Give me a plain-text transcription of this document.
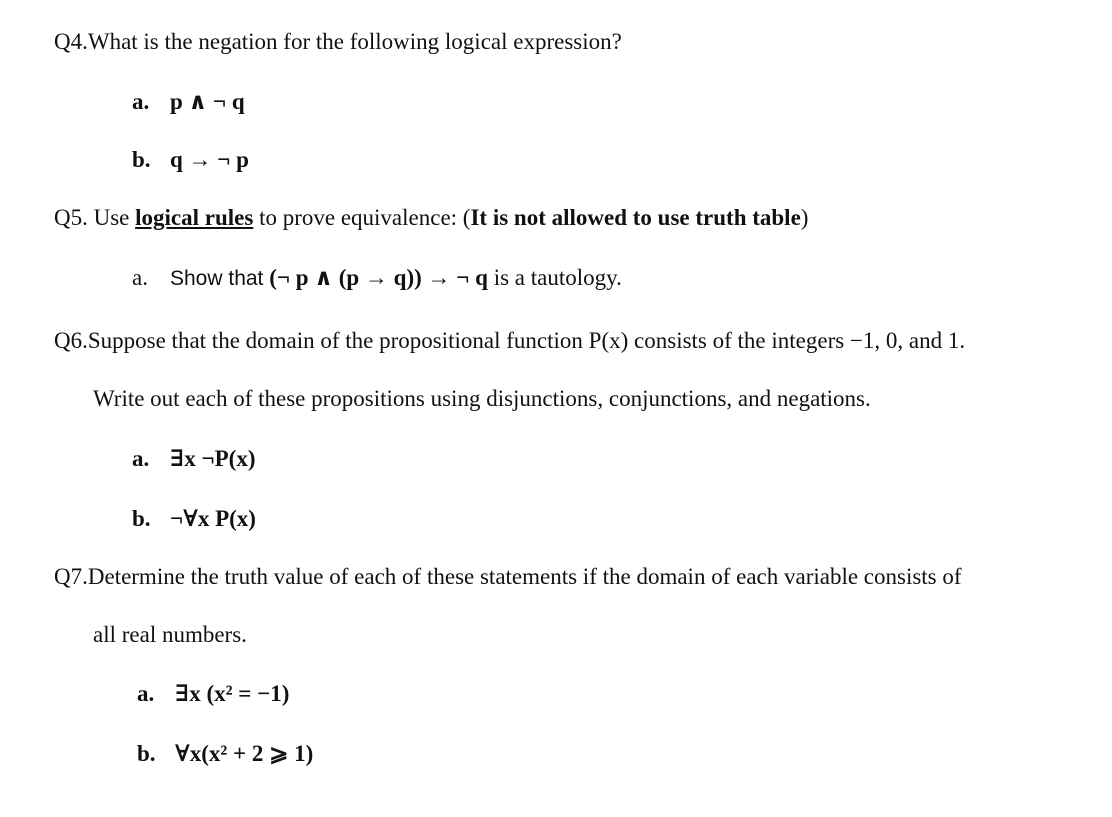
Q4.What is the negation for the following logical expression?
a. p ∧ ¬ q
b. q → ¬ p
Q5. Use logical rules to prove equivalence: (It is not allowed to use truth table)
a. Show that (¬ p ∧ (p → q)) → ¬ q is a tautology.
Q6.Suppose that the domain of the propositional function P(x) consists of the integers −1, 0, and 1.
Write out each of these propositions using disjunctions, conjunctions, and negations.
a. ∃x ¬P(x)
b. ¬∀x P(x)
Q7.Determine the truth value of each of these statements if the domain of each variable consists of
all real numbers.
a. ∃x (x² = −1)
b. ∀x(x² + 2 ⩾ 1)
